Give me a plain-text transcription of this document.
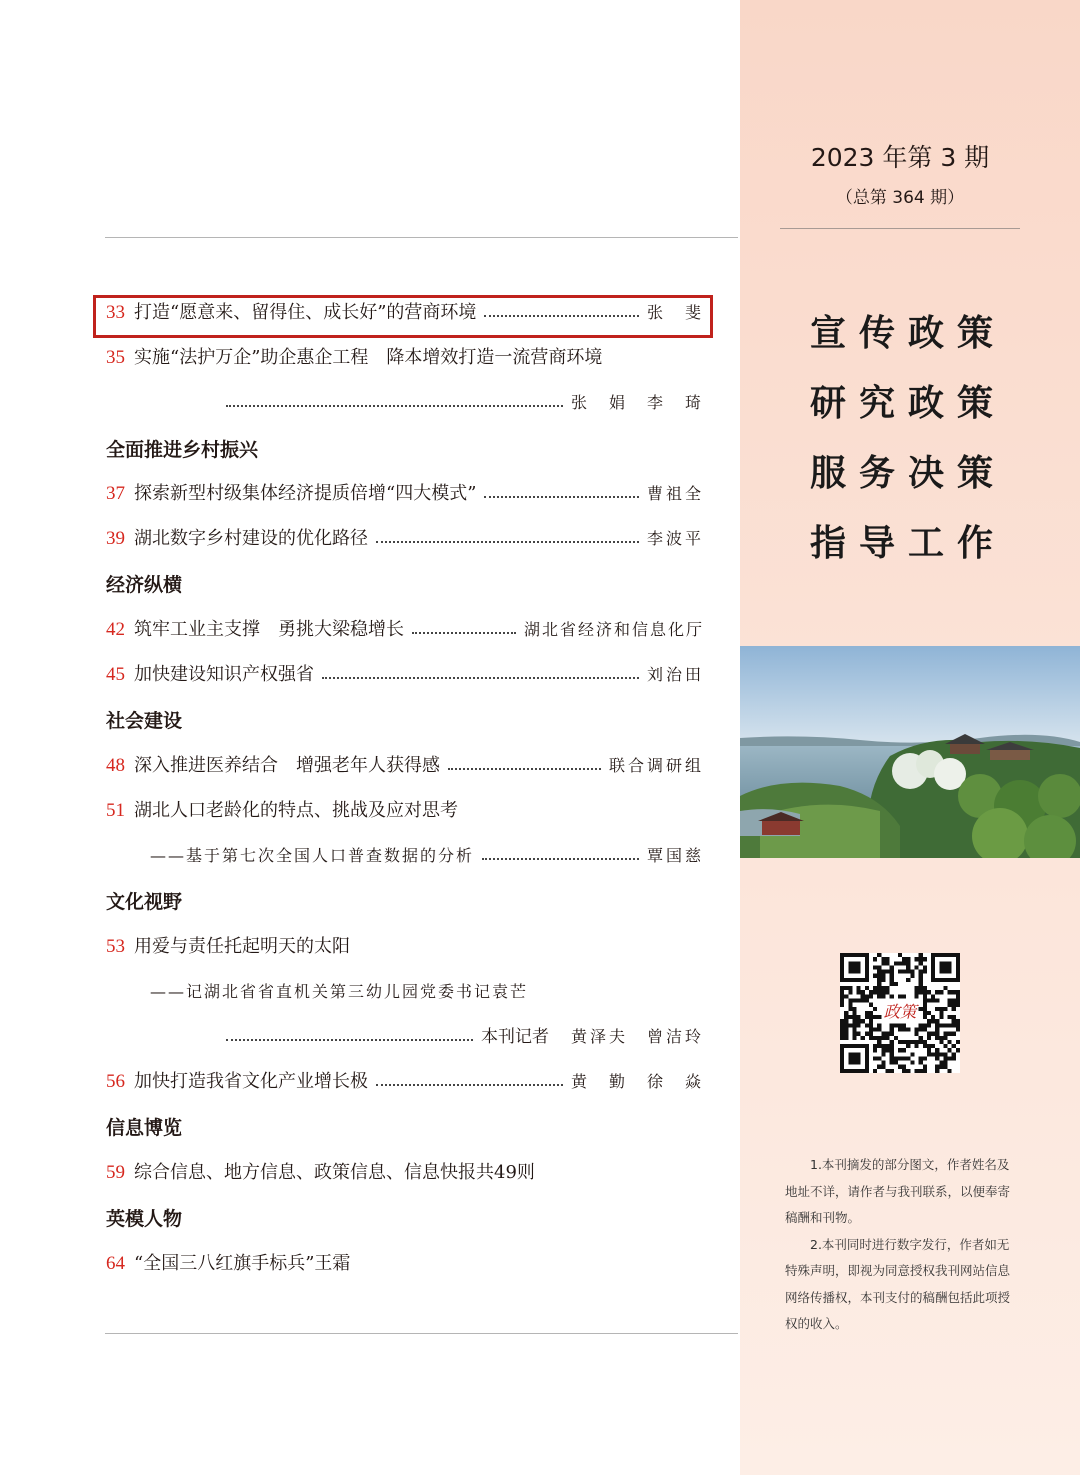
33 打造“愿意来、留得住、成长好”的营商环境	张　斐
35 实施“法护万企”助企惠企工程　降本增效打造一流营商环境
张　娟　李　琦
全面推进乡村振兴
37 探索新型村级集体经济提质倍增“四大模式”	曹祖全
39 湖北数字乡村建设的优化路径	李波平
经济纵横
42 筑牢工业主支撑　勇挑大梁稳增长	湖北省经济和信息化厅
45 加快建设知识产权强省	刘治田
社会建设
48 深入推进医养结合　增强老年人获得感	联合调研组
51 湖北人口老龄化的特点、挑战及应对思考
——基于第七次全国人口普查数据的分析	覃国慈
文化视野
53 用爱与责任托起明天的太阳
——记湖北省省直机关第三幼儿园党委书记袁芒
本刊记者 黄泽夫　曾洁玲
56 加快打造我省文化产业增长极	黄　勤　徐　焱
信息博览
59 综合信息、地方信息、政策信息、信息快报共49则
英模人物
64 “全国三八红旗手标兵”王霜
2023 年第 3 期
（总第 364 期）
宣传政策
研究政策
服务决策
指导工作
政策

1.本刊摘发的部分图文，作者姓名及地址不详，请作者与我刊联系，以便奉寄稿酬和刊物。

2.本刊同时进行数字发行，作者如无特殊声明，即视为同意授权我刊网站信息网络传播权，本刊支付的稿酬包括此项授权的收入。
